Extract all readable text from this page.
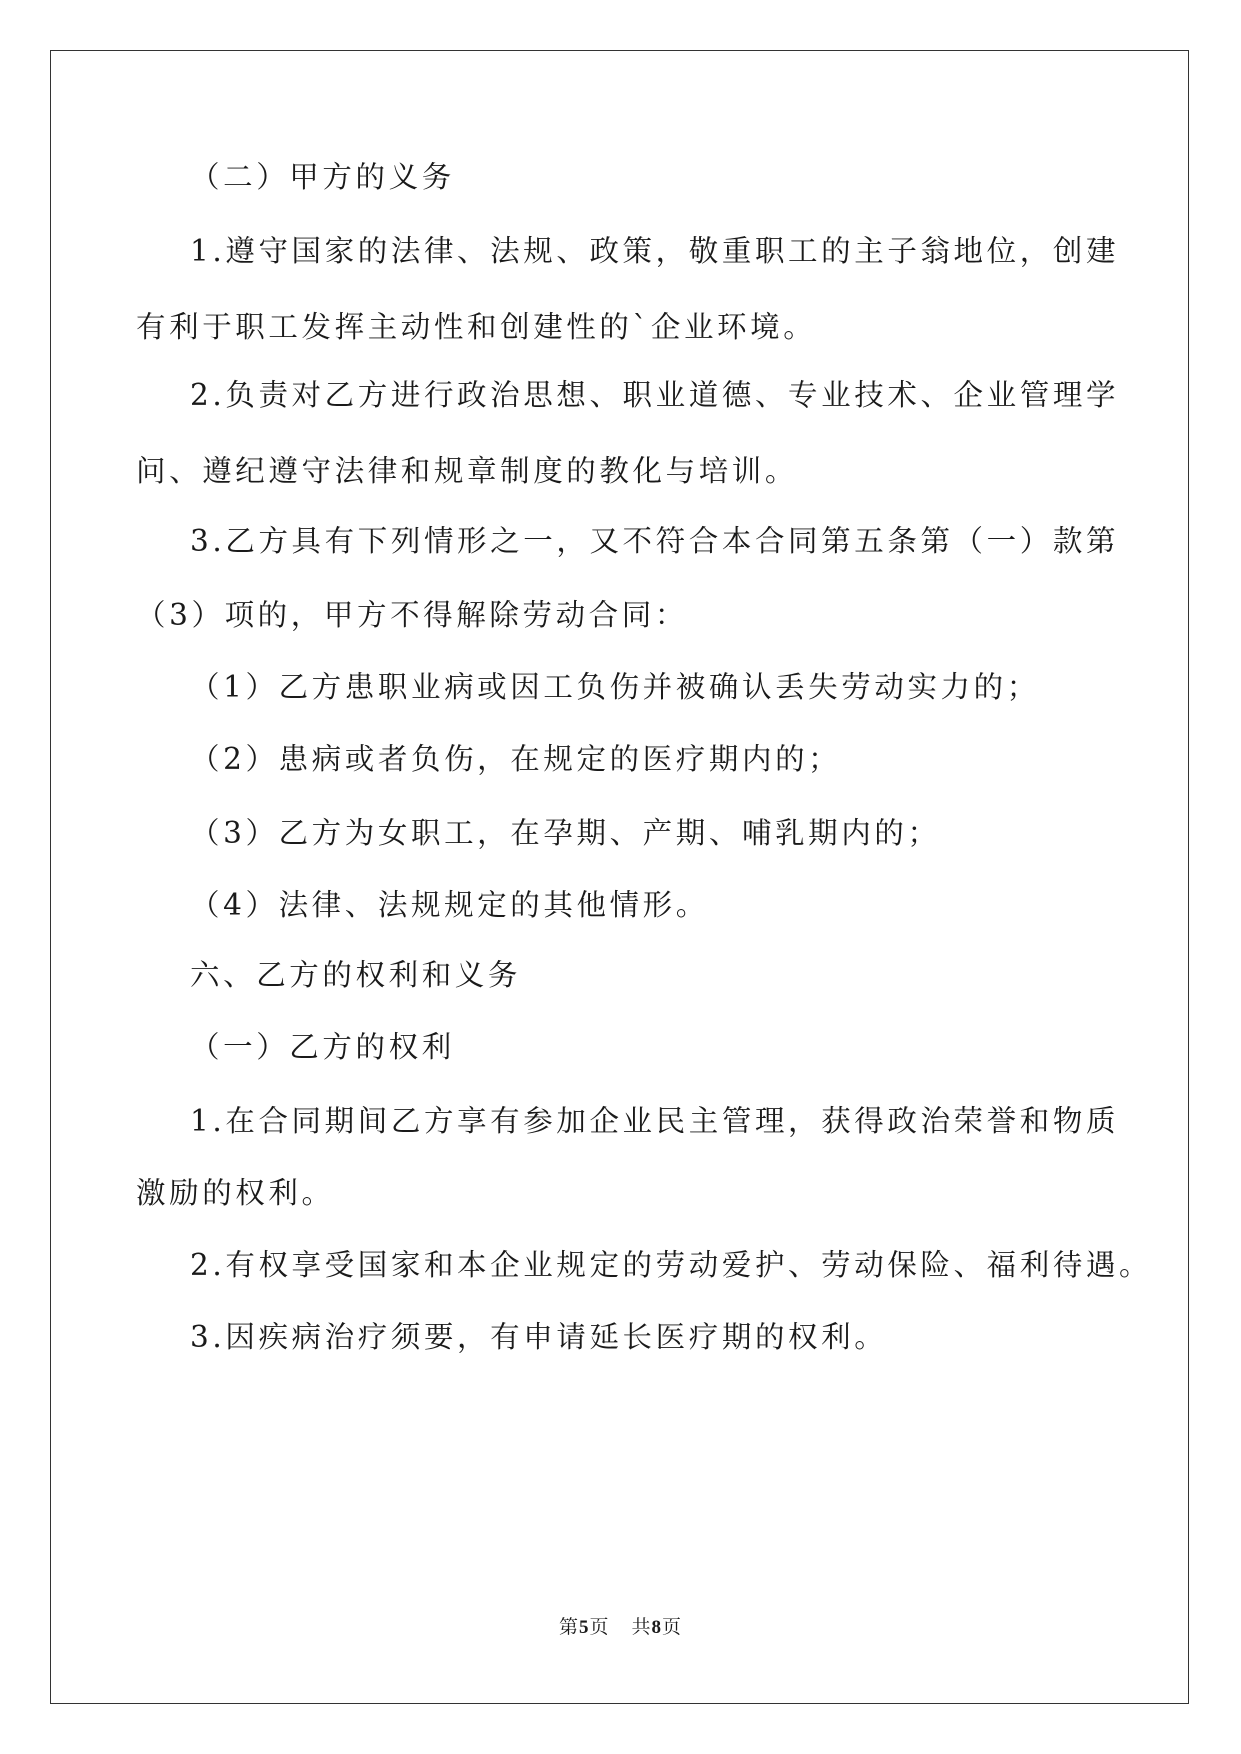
（二）甲方的义务
1.遵守国家的法律、法规、政策，敬重职工的主子翁地位，创建
有利于职工发挥主动性和创建性的`企业环境。
2.负责对乙方进行政治思想、职业道德、专业技术、企业管理学
问、遵纪遵守法律和规章制度的教化与培训。
3.乙方具有下列情形之一，又不符合本合同第五条第（一）款第
（3）项的，甲方不得解除劳动合同：
（1）乙方患职业病或因工负伤并被确认丢失劳动实力的；
（2）患病或者负伤，在规定的医疗期内的；
（3）乙方为女职工，在孕期、产期、哺乳期内的；
（4）法律、法规规定的其他情形。
六、乙方的权利和义务
（一）乙方的权利
1.在合同期间乙方享有参加企业民主管理，获得政治荣誉和物质
激励的权利。
2.有权享受国家和本企业规定的劳动爱护、劳动保险、福利待遇。
3.因疾病治疗须要，有申请延长医疗期的权利。
第5页 共8页
